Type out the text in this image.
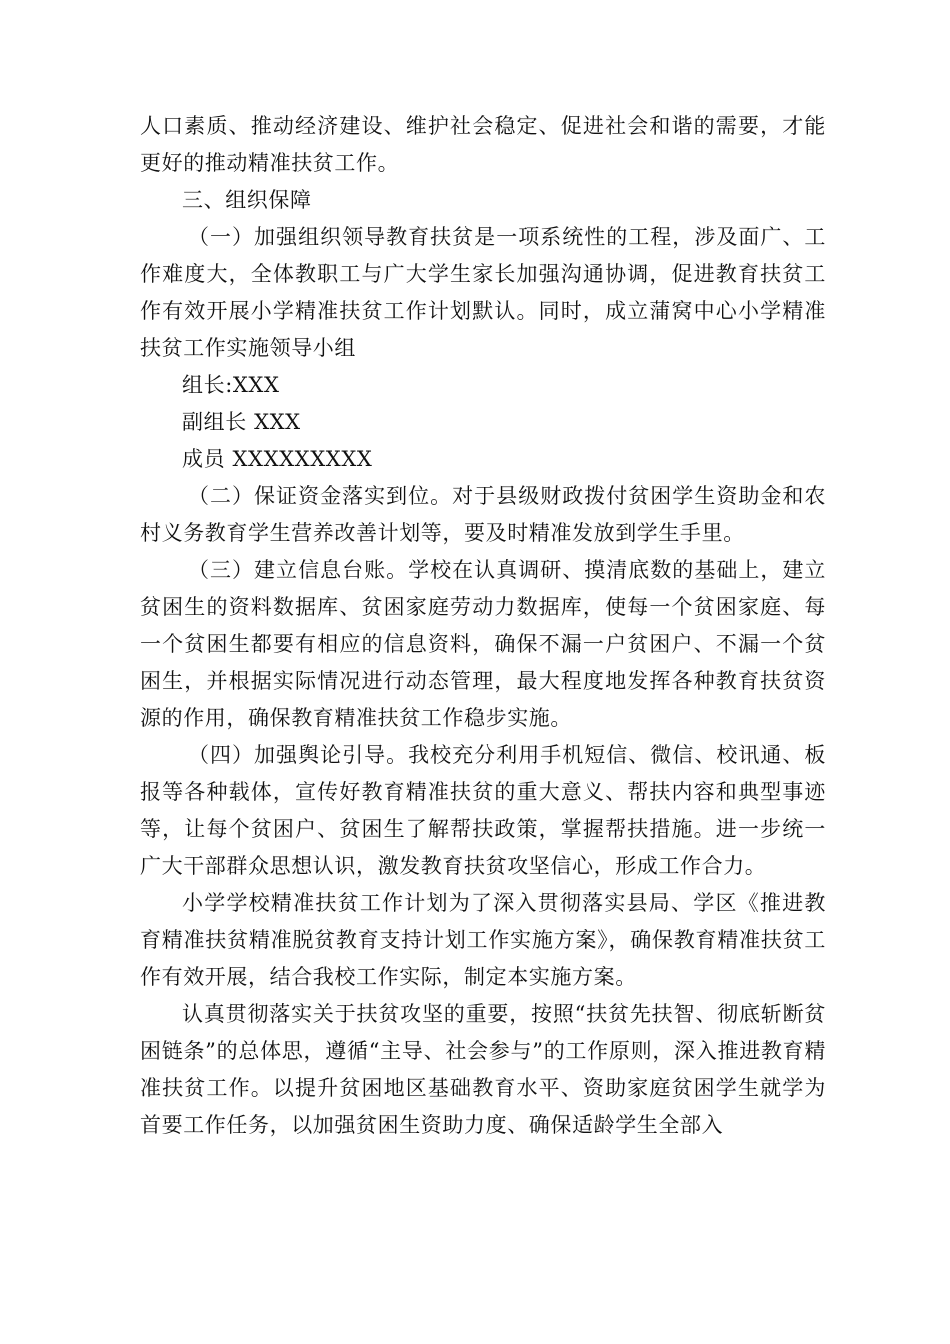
人口素质、推动经济建设、维护社会稳定、促进社会和谐的需要，才能更好的推动精准扶贫工作。

三、组织保障

（一）加强组织领导教育扶贫是一项系统性的工程，涉及面广、工作难度大，全体教职工与广大学生家长加强沟通协调，促进教育扶贫工作有效开展小学精准扶贫工作计划默认。同时，成立蒲窝中心小学精准扶贫工作实施领导小组

组长:XXX

副组长 XXX

成员 XXXXXXXXX

（二）保证资金落实到位。对于县级财政拨付贫困学生资助金和农村义务教育学生营养改善计划等，要及时精准发放到学生手里。

（三）建立信息台账。学校在认真调研、摸清底数的基础上，建立贫困生的资料数据库、贫困家庭劳动力数据库，使每一个贫困家庭、每一个贫困生都要有相应的信息资料，确保不漏一户贫困户、不漏一个贫困生，并根据实际情况进行动态管理，最大程度地发挥各种教育扶贫资源的作用，确保教育精准扶贫工作稳步实施。

（四）加强舆论引导。我校充分利用手机短信、微信、校讯通、板报等各种载体，宣传好教育精准扶贫的重大意义、帮扶内容和典型事迹等，让每个贫困户、贫困生了解帮扶政策，掌握帮扶措施。进一步统一广大干部群众思想认识，激发教育扶贫攻坚信心，形成工作合力。

小学学校精准扶贫工作计划为了深入贯彻落实县局、学区《推进教育精准扶贫精准脱贫教育支持计划工作实施方案》，确保教育精准扶贫工作有效开展，结合我校工作实际，制定本实施方案。

认真贯彻落实关于扶贫攻坚的重要，按照“扶贫先扶智、彻底斩断贫困链条”的总体思，遵循“主导、社会参与”的工作原则，深入推进教育精准扶贫工作。以提升贫困地区基础教育水平、资助家庭贫困学生就学为首要工作任务，以加强贫困生资助力度、确保适龄学生全部入
